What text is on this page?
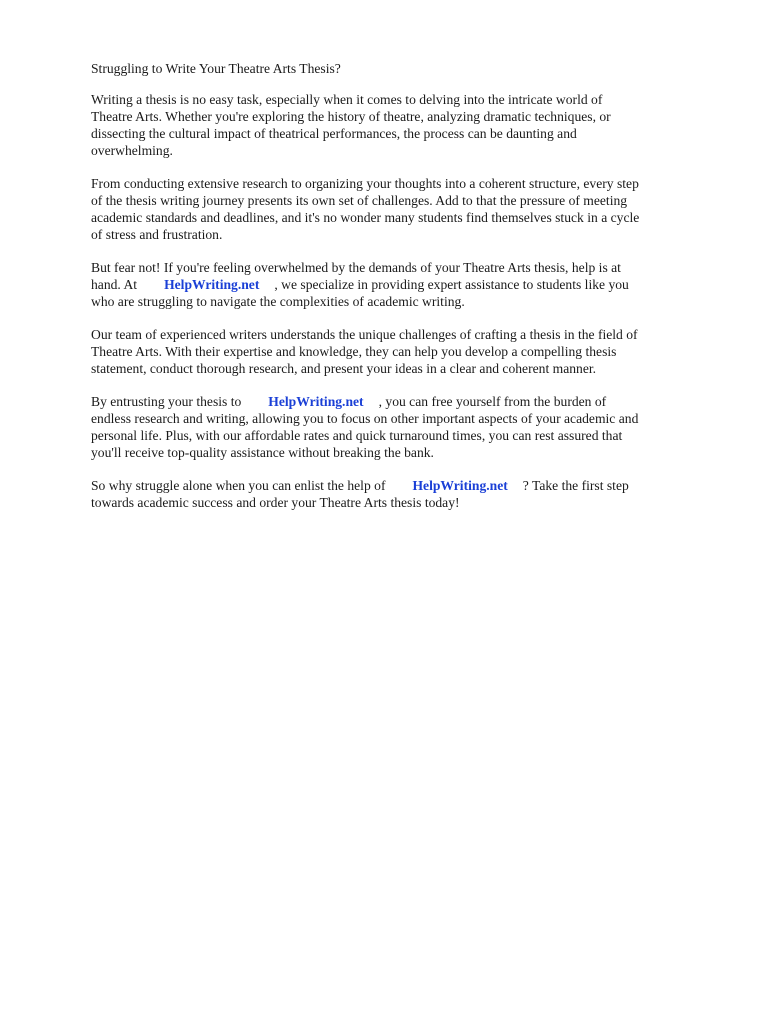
Struggling to Write Your Theatre Arts Thesis?
Writing a thesis is no easy task, especially when it comes to delving into the intricate world of
Theatre Arts. Whether you're exploring the history of theatre, analyzing dramatic techniques, or
dissecting the cultural impact of theatrical performances, the process can be daunting and
overwhelming.
From conducting extensive research to organizing your thoughts into a coherent structure, every step
of the thesis writing journey presents its own set of challenges. Add to that the pressure of meeting
academic standards and deadlines, and it's no wonder many students find themselves stuck in a cycle
of stress and frustration.
But fear not! If you're feeling overwhelmed by the demands of your Theatre Arts thesis, help is at
hand. At HelpWriting.net , we specialize in providing expert assistance to students like you
who are struggling to navigate the complexities of academic writing.
Our team of experienced writers understands the unique challenges of crafting a thesis in the field of
Theatre Arts. With their expertise and knowledge, they can help you develop a compelling thesis
statement, conduct thorough research, and present your ideas in a clear and coherent manner.
By entrusting your thesis to HelpWriting.net , you can free yourself from the burden of
endless research and writing, allowing you to focus on other important aspects of your academic and
personal life. Plus, with our affordable rates and quick turnaround times, you can rest assured that
you'll receive top-quality assistance without breaking the bank.
So why struggle alone when you can enlist the help of HelpWriting.net ? Take the first step
towards academic success and order your Theatre Arts thesis today!
